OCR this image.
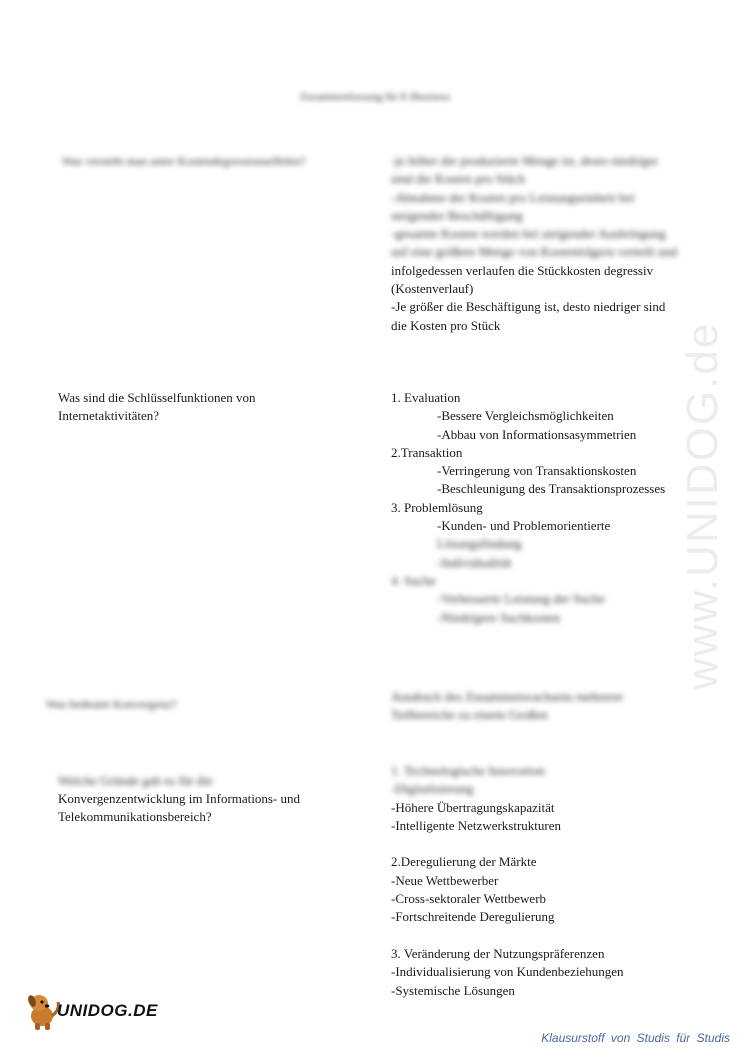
www.UNIDOG.de
Zusammenfassung für E-Business
Was versteht man unter Kostendegressionseffekte?	-je höher die produzierte Menge ist, desto niedriger
sind die Kosten pro Stück
-Abnahme der Kosten pro Leistungseinheit bei
steigender Beschäftigung
-gesamte Kosten werden bei steigender Ausbringung
auf eine größere Menge von Kostenträgern verteilt und
infolgedessen verlaufen die Stückkosten degressiv
(Kostenverlauf)
-Je größer die Beschäftigung ist, desto niedriger sind
die Kosten pro Stück
Was sind die Schlüsselfunktionen von
Internetaktivitäten?
1. Evaluation
-Bessere Vergleichsmöglichkeiten
-Abbau von Informationsasymmetrien
2.Transaktion
-Verringerung von Transaktionskosten
-Beschleunigung des Transaktionsprozesses
3. Problemlösung
-Kunden- und Problemorientierte
Lösungsfindung
-Individualität
4. Suche
-Verbesserte Leistung der Suche
-Niedrigere Suchkosten
Was bedeutet Konvergenz?	Ausdruck des Zusammenwachsens mehrerer
Teilbereiche zu einem Großen
Welche Gründe gab es für die
Konvergenzentwicklung im Informations- und
Telekommunikationsbereich?
1. Technologische Innovation
-Digitalisierung
-Höhere Übertragungskapazität
-Intelligente Netzwerkstrukturen
2.Deregulierung der Märkte
-Neue Wettbewerber
-Cross-sektoraler Wettbewerb
-Fortschreitende Deregulierung
3. Veränderung der Nutzungspräferenzen
-Individualisierung von Kundenbeziehungen
-Systemische Lösungen
UNIDOG.DE
Klausurstoff von Studis für Studis
